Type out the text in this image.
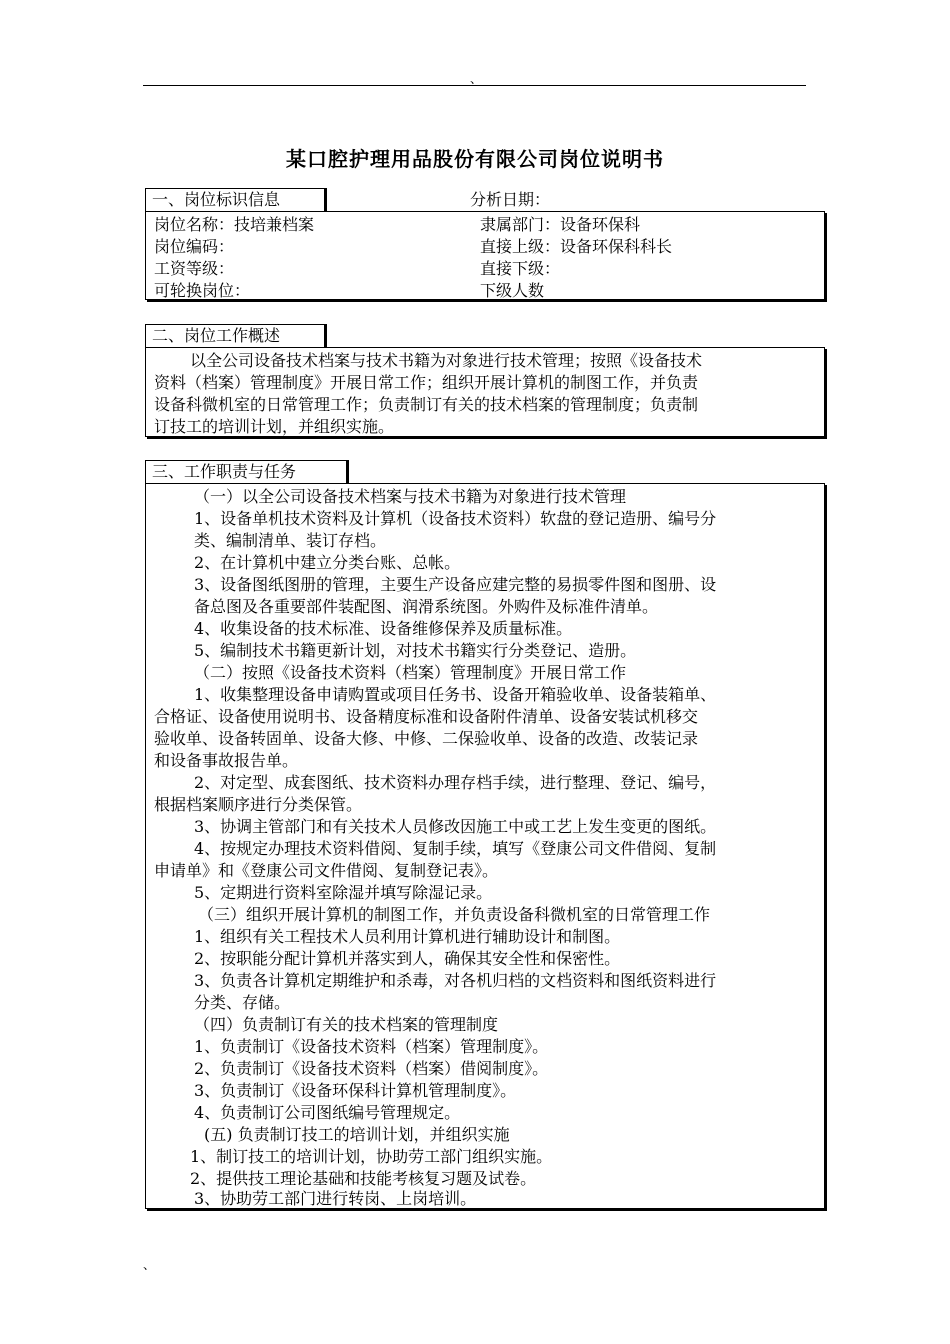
、
某口腔护理用品股份有限公司岗位说明书
一、岗位标识信息	分析日期：
岗位名称：技培兼档案
岗位编码：
工资等级：
可轮换岗位：
隶属部门：设备环保科
直接上级：设备环保科科长
直接下级：
下级人数
二、岗位工作概述
以全公司设备技术档案与技术书籍为对象进行技术管理；按照《设备技术
资料（档案）管理制度》开展日常工作；组织开展计算机的制图工作，并负责
设备科微机室的日常管理工作；负责制订有关的技术档案的管理制度；负责制
订技工的培训计划，并组织实施。
三、工作职责与任务
（一）以全公司设备技术档案与技术书籍为对象进行技术管理
1、设备单机技术资料及计算机（设备技术资料）软盘的登记造册、编号分
类、编制清单、装订存档。
2、在计算机中建立分类台账、总帐。
3、设备图纸图册的管理，主要生产设备应建完整的易损零件图和图册、设
备总图及各重要部件装配图、润滑系统图。外购件及标准件清单。
4、收集设备的技术标准、设备维修保养及质量标准。
5、编制技术书籍更新计划，对技术书籍实行分类登记、造册。
（二）按照《设备技术资料（档案）管理制度》开展日常工作
1、收集整理设备申请购置或项目任务书、设备开箱验收单、设备装箱单、
合格证、设备使用说明书、设备精度标准和设备附件清单、设备安装试机移交
验收单、设备转固单、设备大修、中修、二保验收单、设备的改造、改装记录
和设备事故报告单。
2、对定型、成套图纸、技术资料办理存档手续，进行整理、登记、编号，
根据档案顺序进行分类保管。
3、协调主管部门和有关技术人员修改因施工中或工艺上发生变更的图纸。
4、按规定办理技术资料借阅、复制手续，填写《登康公司文件借阅、复制
申请单》和《登康公司文件借阅、复制登记表》。
5、定期进行资料室除湿并填写除湿记录。
（三）组织开展计算机的制图工作，并负责设备科微机室的日常管理工作
1、组织有关工程技术人员利用计算机进行辅助设计和制图。
2、按职能分配计算机并落实到人，确保其安全性和保密性。
3、负责各计算机定期维护和杀毒，对各机归档的文档资料和图纸资料进行
分类、存储。
（四）负责制订有关的技术档案的管理制度
1、负责制订《设备技术资料（档案）管理制度》。
2、负责制订《设备技术资料（档案）借阅制度》。
3、负责制订《设备环保科计算机管理制度》。
4、负责制订公司图纸编号管理规定。
(五) 负责制订技工的培训计划，并组织实施
1、制订技工的培训计划，协助劳工部门组织实施。
2、提供技工理论基础和技能考核复习题及试卷。
3、协助劳工部门进行转岗、上岗培训。
、
